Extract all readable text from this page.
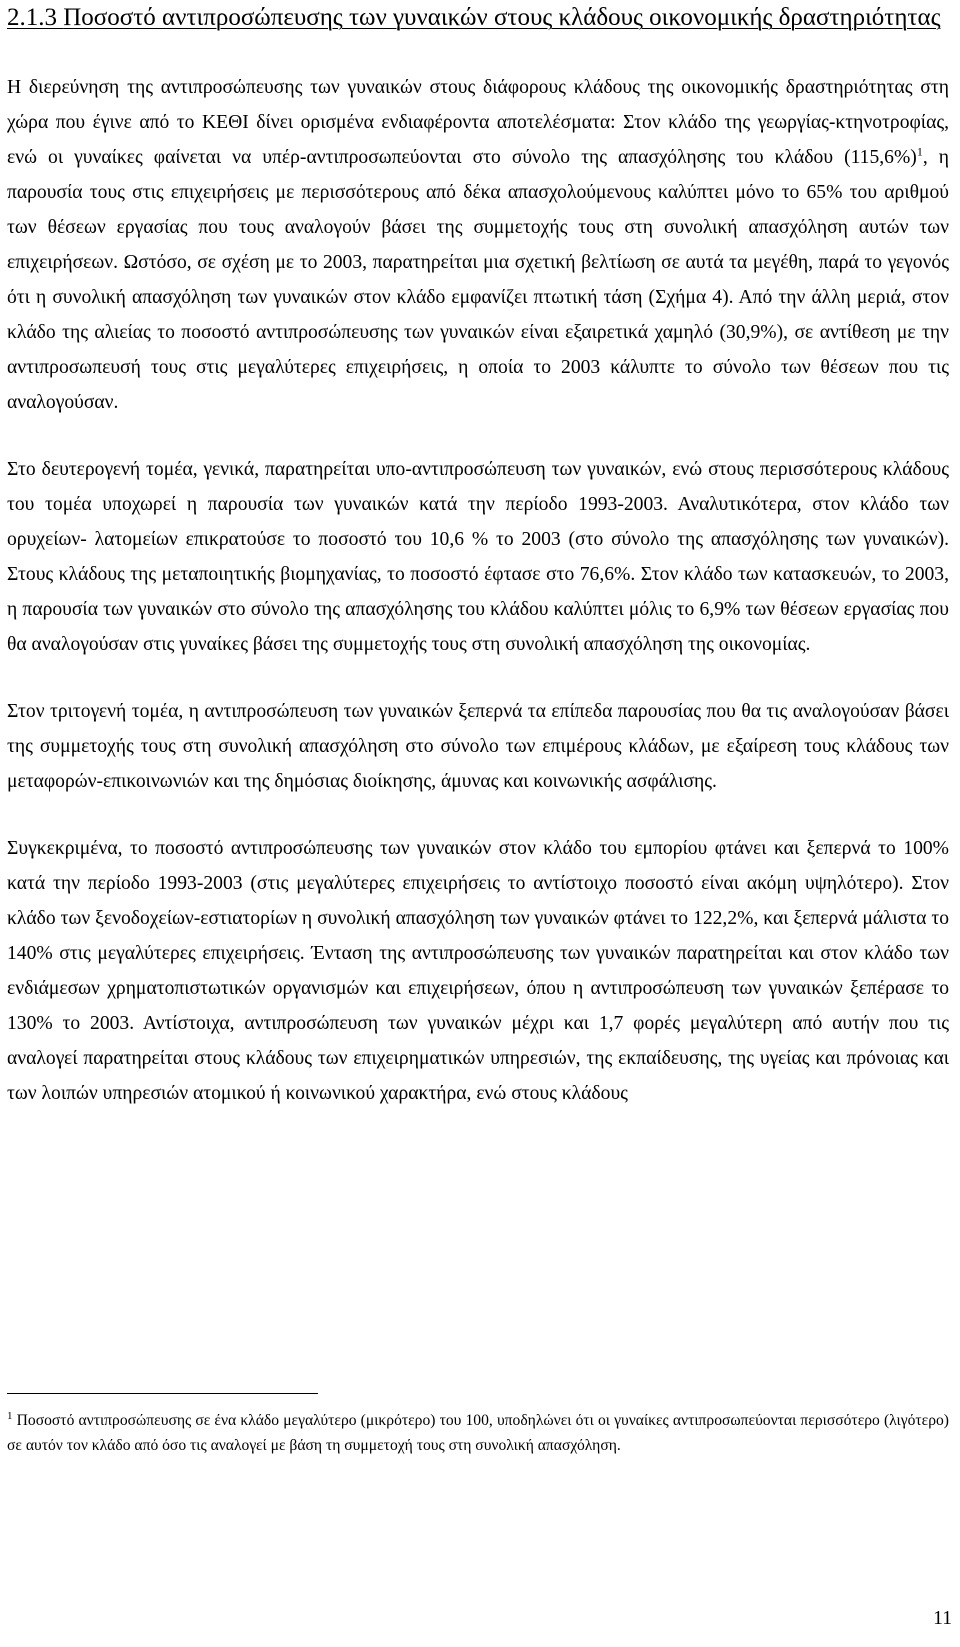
2.1.3 Ποσοστό αντιπροσώπευσης των γυναικών στους κλάδους οικονομικής δραστηριότητας

Η διερεύνηση της αντιπροσώπευσης των γυναικών στους διάφορους κλάδους της οικονομικής δραστηριότητας στη χώρα που έγινε από το ΚΕΘΙ δίνει ορισμένα ενδιαφέροντα αποτελέσματα: Στον κλάδο της γεωργίας-κτηνοτροφίας, ενώ οι γυναίκες φαίνεται να υπέρ-αντιπροσωπεύονται στο σύνολο της απασχόλησης του κλάδου $(115,6\%)^1$, η παρουσία τους στις επιχειρήσεις με περισσότερους από δέκα απασχολούμενους καλύπτει μόνο το 65% του αριθμού των θέσεων εργασίας που τους αναλογούν βάσει της συμμετοχής τους στη συνολική απασχόληση αυτών των επιχειρήσεων. Ωστόσο, σε σχέση με το 2003, παρατηρείται μια σχετική βελτίωση σε αυτά τα μεγέθη, παρά το γεγονός ότι η συνολική απασχόληση των γυναικών στον κλάδο εμφανίζει πτωτική τάση (Σχήμα 4). Από την άλλη μεριά, στον κλάδο της αλιείας το ποσοστό αντιπροσώπευσης των γυναικών είναι εξαιρετικά χαμηλό (30,9%), σε αντίθεση με την αντιπροσωπευσή τους στις μεγαλύτερες επιχειρήσεις, η οποία το 2003 κάλυπτε το σύνολο των θέσεων που τις αναλογούσαν.

Στο δευτερογενή τομέα, γενικά, παρατηρείται υπο-αντιπροσώπευση των γυναικών, ενώ στους περισσότερους κλάδους του τομέα υποχωρεί η παρουσία των γυναικών κατά την περίοδο 1993-2003. Αναλυτικότερα, στον κλάδο των ορυχείων- λατομείων επικρατούσε το ποσοστό του 10,6 % το 2003 (στο σύνολο της απασχόλησης των γυναικών). Στους κλάδους της μεταποιητικής βιομηχανίας, το ποσοστό έφτασε στο 76,6%. Στον κλάδο των κατασκευών, το 2003, η παρουσία των γυναικών στο σύνολο της απασχόλησης του κλάδου καλύπτει μόλις το 6,9% των θέσεων εργασίας που θα αναλογούσαν στις γυναίκες βάσει της συμμετοχής τους στη συνολική απασχόληση της οικονομίας.

Στον τριτογενή τομέα, η αντιπροσώπευση των γυναικών ξεπερνά τα επίπεδα παρουσίας που θα τις αναλογούσαν βάσει της συμμετοχής τους στη συνολική απασχόληση στο σύνολο των επιμέρους κλάδων, με εξαίρεση τους κλάδους των μεταφορών-επικοινωνιών και της δημόσιας διοίκησης, άμυνας και κοινωνικής ασφάλισης.

Συγκεκριμένα, το ποσοστό αντιπροσώπευσης των γυναικών στον κλάδο του εμπορίου φτάνει και ξεπερνά το 100% κατά την περίοδο 1993-2003 (στις μεγαλύτερες επιχειρήσεις το αντίστοιχο ποσοστό είναι ακόμη υψηλότερο). Στον κλάδο των ξενοδοχείων-εστιατορίων η συνολική απασχόληση των γυναικών φτάνει το 122,2%, και ξεπερνά μάλιστα το 140% στις μεγαλύτερες επιχειρήσεις. Ένταση της αντιπροσώπευσης των γυναικών παρατηρείται και στον κλάδο των ενδιάμεσων χρηματοπιστωτικών οργανισμών και επιχειρήσεων, όπου η αντιπροσώπευση των γυναικών ξεπέρασε το 130% το 2003. Αντίστοιχα, αντιπροσώπευση των γυναικών μέχρι και 1,7 φορές μεγαλύτερη από αυτήν που τις αναλογεί παρατηρείται στους κλάδους των επιχειρηματικών υπηρεσιών, της εκπαίδευσης, της υγείας και πρόνοιας και των λοιπών υπηρεσιών ατομικού ή κοινωνικού χαρακτήρα, ενώ στους κλάδους

$^1$ Ποσοστό αντιπροσώπευσης σε ένα κλάδο μεγαλύτερο (μικρότερο) του 100, υποδηλώνει ότι οι γυναίκες αντιπροσωπεύονται περισσότερο (λιγότερο) σε αυτόν τον κλάδο από όσο τις αναλογεί με βάση τη συμμετοχή τους στη συνολική απασχόληση.

11
